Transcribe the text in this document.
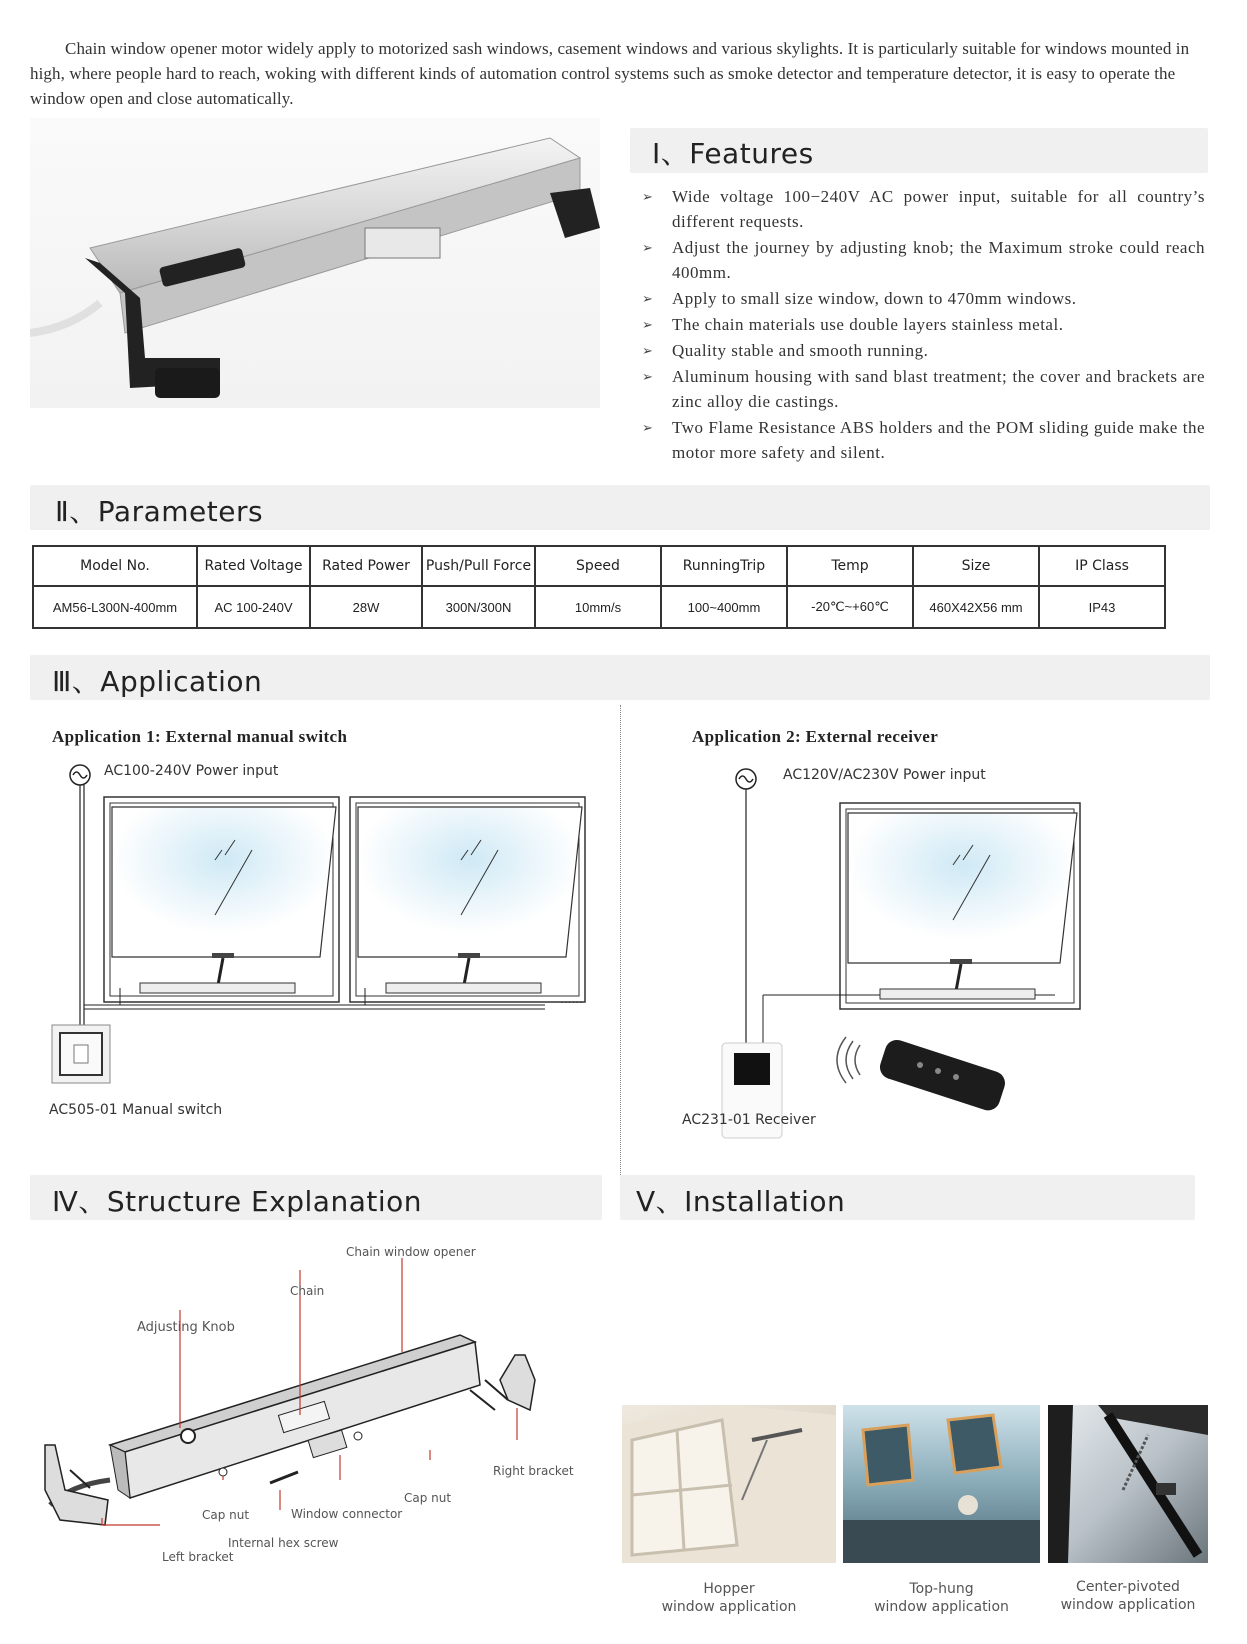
Chain window opener motor widely apply to motorized sash windows, casement windows and various skylights. It is particularly suitable for windows mounted in high, where people hard to reach, woking with different kinds of automation control systems such as smoke detector and temperature detector, it is easy to operate the window open and close automatically.

Ⅰ、Features
➢ Wide voltage 100−240V AC power input, suitable for all country’s different requests.
➢ Adjust the journey by adjusting knob; the Maximum stroke could reach 400mm.
➢ Apply to small size window, down to 470mm windows.
➢ The chain materials use double layers stainless metal.
➢ Quality stable and smooth running.
➢ Aluminum housing with sand blast treatment; the cover and brackets are zinc alloy die castings.
➢ Two Flame Resistance ABS holders and the POM sliding guide make the motor more safety and silent.
Ⅱ、Parameters
Model No.	Rated Voltage	Rated Power	Push/Pull Force	Speed	RunningTrip	Temp	Size	IP Class
AM56-L300N-400mm	AC 100-240V	28W	300N/300N	10mm/s	100~400mm	-20℃~+60℃	460X42X56 mm	IP43
Ⅲ、Application
Application 1: External manual switch	Application 2: External receiver
AC100-240V Power input
......
AC505-01 Manual switch
AC120V/AC230V Power input
AC231-01 Receiver
Ⅳ、Structure Explanation	Ⅴ、Installation
Chain window opener
Chain
Adjusting Knob
Right bracket
Cap nut
Cap nut	Window connector
Internal hex screw
Left bracket
Hopper
window application
Top-hung
window application
Center-pivoted
window application
